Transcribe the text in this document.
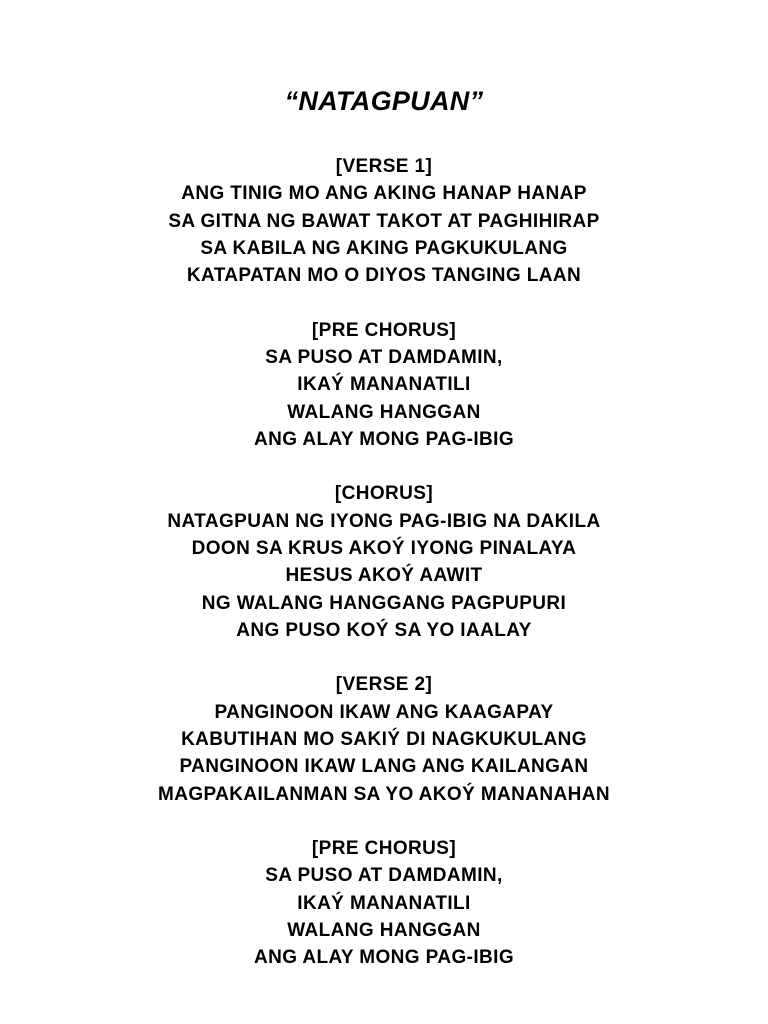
“NATAGPUAN”
[VERSE 1]
ANG TINIG MO ANG AKING HANAP HANAP
SA GITNA NG BAWAT TAKOT AT PAGHIHIRAP
SA KABILA NG AKING PAGKUKULANG
KATAPATAN MO O DIYOS TANGING LAAN
[PRE CHORUS]
SA PUSO AT DAMDAMIN,
IKAÝ MANANATILI
WALANG HANGGAN
ANG ALAY MONG PAG-IBIG
[CHORUS]
NATAGPUAN NG IYONG PAG-IBIG NA DAKILA
DOON SA KRUS AKOÝ IYONG PINALAYA
HESUS AKOÝ AAWIT
NG WALANG HANGGANG PAGPUPURI
ANG PUSO KOÝ SA YO IAALAY
[VERSE 2]
PANGINOON IKAW ANG KAAGAPAY
KABUTIHAN MO SAKIÝ DI NAGKUKULANG
PANGINOON IKAW LANG ANG KAILANGAN
MAGPAKAILANMAN SA YO AKOÝ MANANAHAN
[PRE CHORUS]
SA PUSO AT DAMDAMIN,
IKAÝ MANANATILI
WALANG HANGGAN
ANG ALAY MONG PAG-IBIG
